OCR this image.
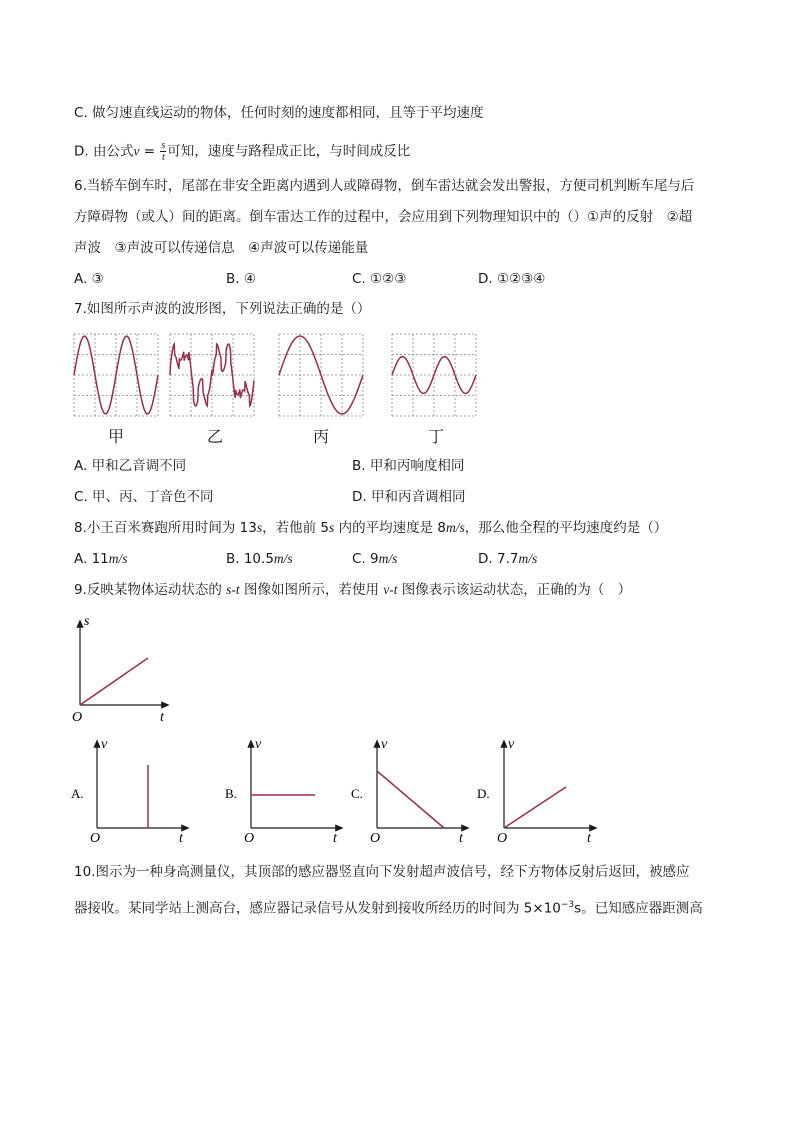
C. 做匀速直线运动的物体，任何时刻的速度都相同，且等于平均速度
D. 由公式$v = \frac{s}{t}$ 可知，速度与路程成正比，与时间成反比
6.当轿车倒车时，尾部在非安全距离内遇到人或障碍物，倒车雷达就会发出警报，方便司机判断车尾与后
方障碍物（或人）间的距离。倒车雷达工作的过程中，会应用到下列物理知识中的（）①声的反射　②超
声波　③声波可以传递信息　④声波可以传递能量
A. ③	B. ④	C. ①②③	D. ①②③④
7.如图所示声波的波形图，下列说法正确的是（）
甲	乙	丙	丁
A. 甲和乙音调不同	B. 甲和丙响度相同
C. 甲、丙、丁音色不同	D. 甲和丙音调相同
8.小王百米赛跑所用时间为 13s，若他前 5s 内的平均速度是 8m/s，那么他全程的平均速度约是（）
A. 11m/s	B. 10.5m/s	C. 9m/s	D. 7.7m/s
9.反映某物体运动状态的 s-t 图像如图所示，若使用 v-t 图像表示该运动状态，正确的为（　）
s
t
O
A.
v
t
O
B.
v
t
O
C.
v
t
O
D.
v
t
O
10.图示为一种身高测量仪，其顶部的感应器竖直向下发射超声波信号，经下方物体反射后返回，被感应
器接收。某同学站上测高台，感应器记录信号从发射到接收所经历的时间为 $5\times 10^{-3}s$。已知感应器距测高
